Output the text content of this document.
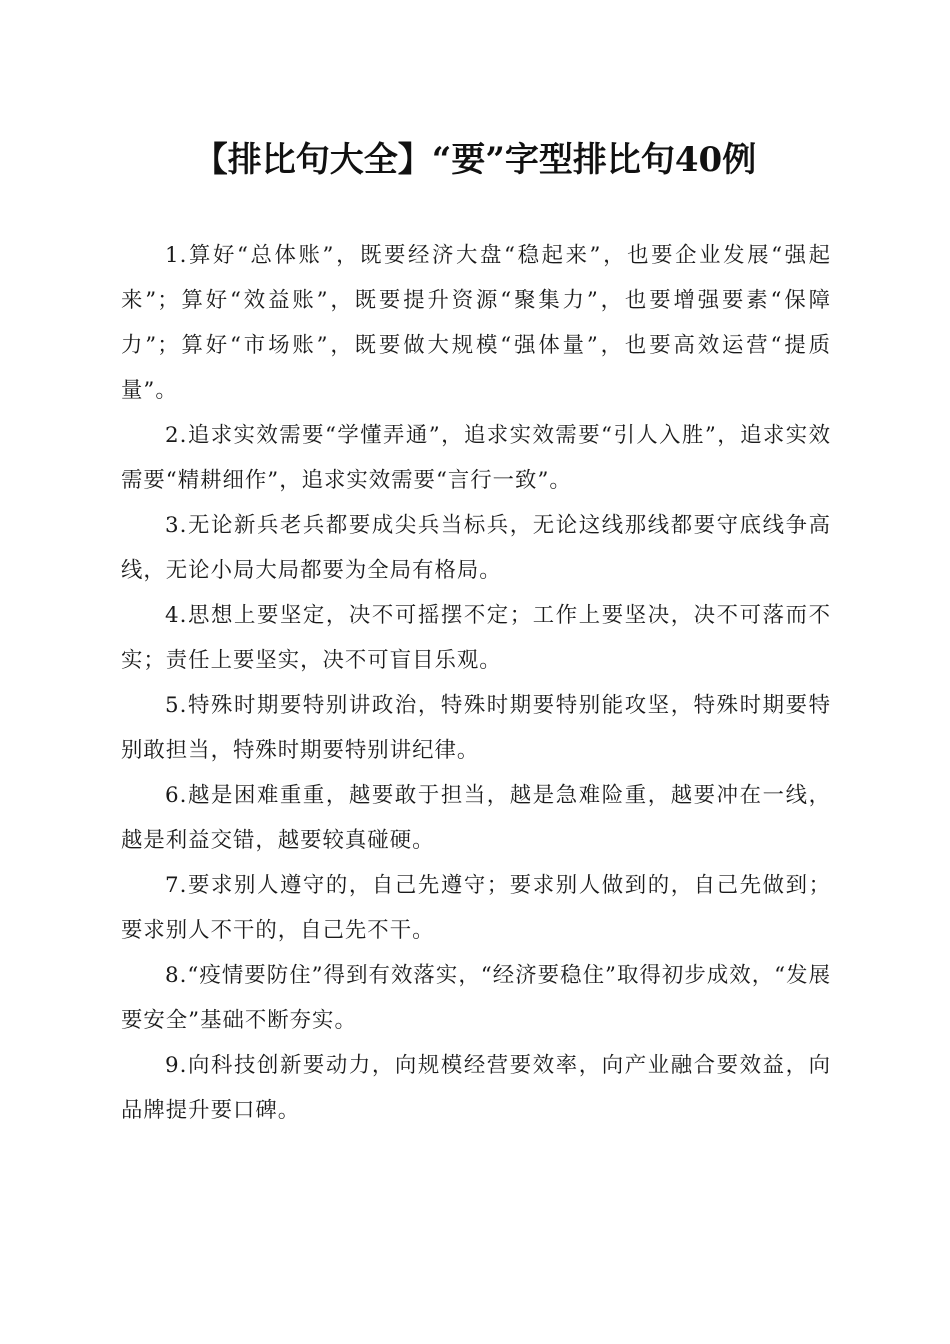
【排比句大全】“要”字型排比句40例

1.算好“总体账”，既要经济大盘“稳起来”，也要企业发展“强起来”；算好“效益账”，既要提升资源“聚集力”，也要增强要素“保障力”；算好“市场账”，既要做大规模“强体量”，也要高效运营“提质量”。

2.追求实效需要“学懂弄通”，追求实效需要“引人入胜”，追求实效需要“精耕细作”，追求实效需要“言行一致”。

3.无论新兵老兵都要成尖兵当标兵，无论这线那线都要守底线争高线，无论小局大局都要为全局有格局。

4.思想上要坚定，决不可摇摆不定；工作上要坚决，决不可落而不实；责任上要坚实，决不可盲目乐观。

5.特殊时期要特别讲政治，特殊时期要特别能攻坚，特殊时期要特别敢担当，特殊时期要特别讲纪律。

6.越是困难重重，越要敢于担当，越是急难险重，越要冲在一线，越是利益交错，越要较真碰硬。

7.要求别人遵守的，自己先遵守；要求别人做到的，自己先做到；要求别人不干的，自己先不干。

8.“疫情要防住”得到有效落实，“经济要稳住”取得初步成效，“发展要安全”基础不断夯实。

9.向科技创新要动力，向规模经营要效率，向产业融合要效益，向品牌提升要口碑。
